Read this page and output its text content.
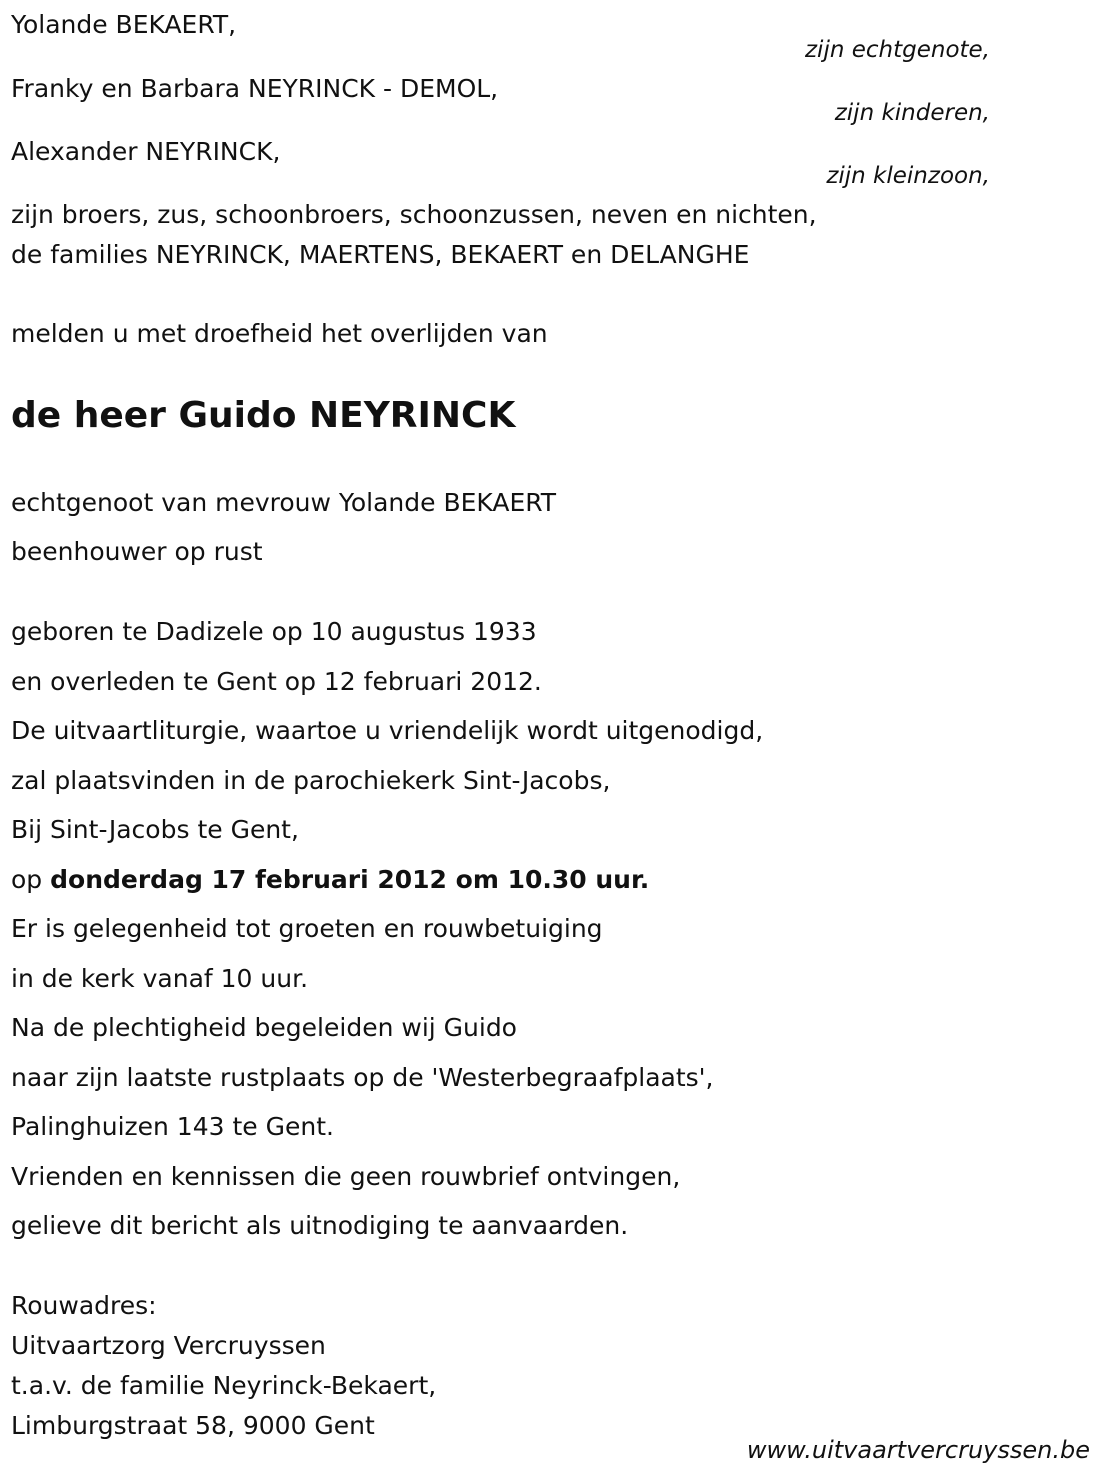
Yolande BEKAERT,
zijn echtgenote,
Franky en Barbara NEYRINCK - DEMOL,
zijn kinderen,
Alexander NEYRINCK,
zijn kleinzoon,
zijn broers, zus, schoonbroers, schoonzussen, neven en nichten,
de families NEYRINCK, MAERTENS, BEKAERT en DELANGHE
melden u met droefheid het overlijden van
de heer Guido NEYRINCK
echtgenoot van mevrouw Yolande BEKAERT
beenhouwer op rust
geboren te Dadizele op 10 augustus 1933
en overleden te Gent op 12 februari 2012.
De uitvaartliturgie, waartoe u vriendelijk wordt uitgenodigd,
zal plaatsvinden in de parochiekerk Sint-Jacobs,
Bij Sint-Jacobs te Gent,
op donderdag 17 februari 2012 om 10.30 uur.
Er is gelegenheid tot groeten en rouwbetuiging
in de kerk vanaf 10 uur.
Na de plechtigheid begeleiden wij Guido
naar zijn laatste rustplaats op de 'Westerbegraafplaats',
Palinghuizen 143 te Gent.
Vrienden en kennissen die geen rouwbrief ontvingen,
gelieve dit bericht als uitnodiging te aanvaarden.
Rouwadres:
Uitvaartzorg Vercruyssen
t.a.v. de familie Neyrinck-Bekaert,
Limburgstraat 58, 9000 Gent
www.uitvaartvercruyssen.be
